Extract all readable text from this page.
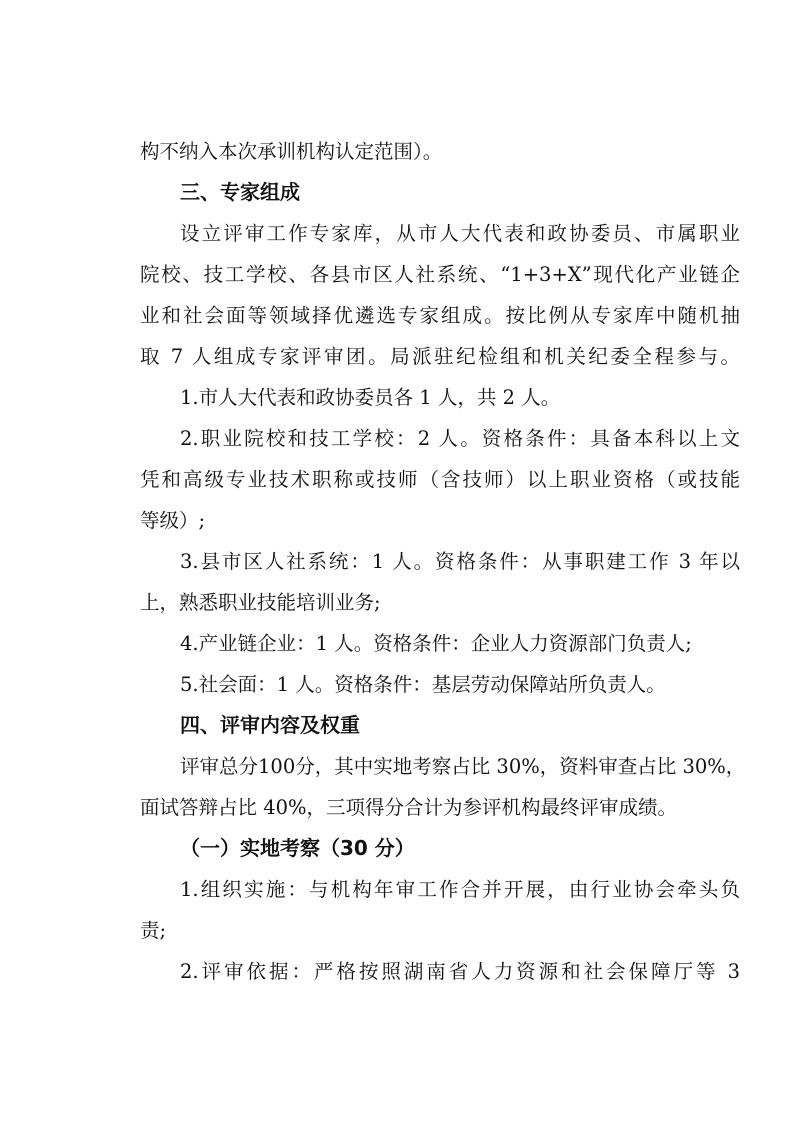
构不纳入本次承训机构认定范围）。
三、专家组成
设立评审工作专家库，从市人大代表和政协委员、市属职业
院校、技工学校、各县市区人社系统、“1+3+X”现代化产业链企
业和社会面等领域择优遴选专家组成。按比例从专家库中随机抽
取 7 人组成专家评审团。局派驻纪检组和机关纪委全程参与。
1.市人大代表和政协委员各 1 人，共 2 人。
2.职业院校和技工学校：2 人。资格条件：具备本科以上文
凭和高级专业技术职称或技师（含技师）以上职业资格（或技能
等级）;
3.县市区人社系统：1 人。资格条件：从事职建工作 3 年以
上，熟悉职业技能培训业务;
4.产业链企业：1 人。资格条件：企业人力资源部门负责人;
5.社会面：1 人。资格条件：基层劳动保障站所负责人。
四、评审内容及权重
评审总分100分，其中实地考察占比 30%，资料审查占比 30%，
面试答辩占比 40%，三项得分合计为参评机构最终评审成绩。
（一）实地考察（30 分）
1.组织实施：与机构年审工作合并开展，由行业协会牵头负
责;
2.评审依据：严格按照湖南省人力资源和社会保障厅等 3
